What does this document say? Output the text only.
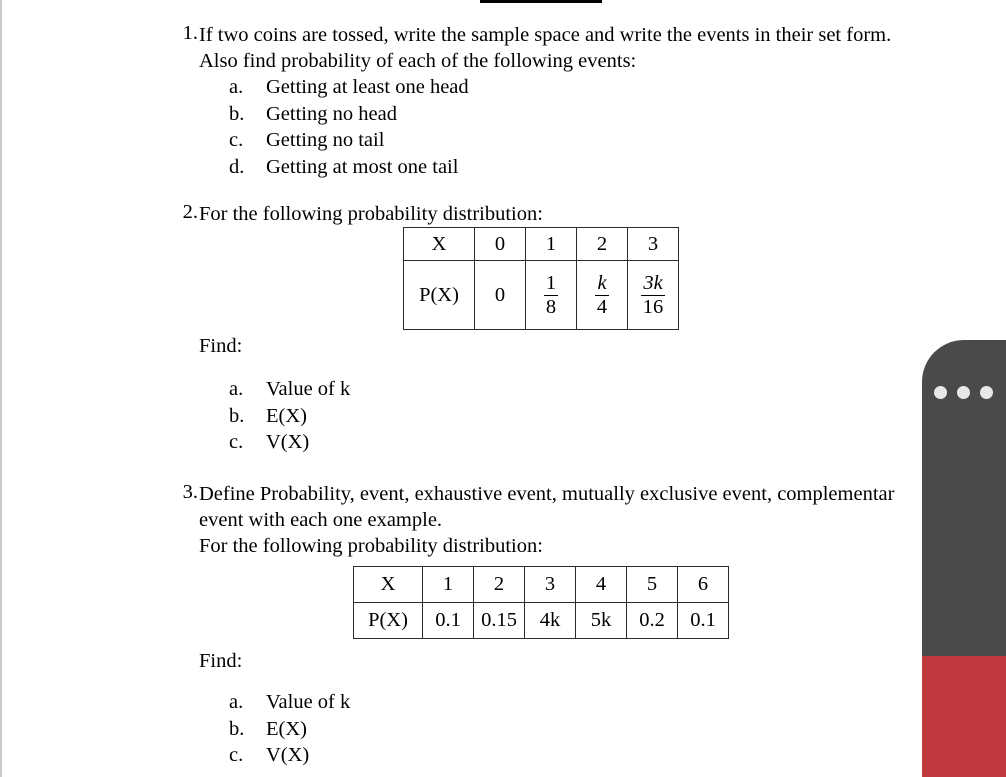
1. If two coins are tossed, write the sample space and write the events in their set form.
Also find probability of each of the following events:
a. Getting at least one head
b. Getting no head
c. Getting no tail
d. Getting at most one tail
2. For the following probability distribution:
X	0	1	2	3
P(X)	0	$\frac{1}{8}$	$\frac{k}{4}$	$\frac{3k}{16}$
Find:
a. Value of k
b. E(X)
c. V(X)
3. Define Probability, event, exhaustive event, mutually exclusive event, complementar
event with each one example.
For the following probability distribution:
X	1	2	3	4	5	6
P(X)	0.1	0.15	4k	5k	0.2	0.1
Find:
a. Value of k
b. E(X)
c. V(X)
